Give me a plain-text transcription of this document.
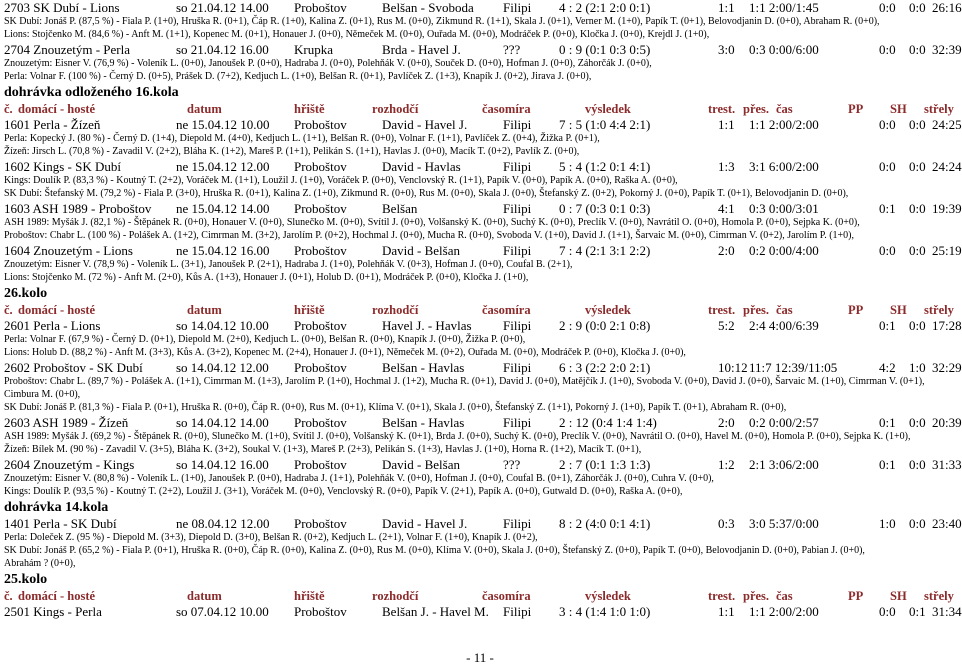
2703 SK Dubí - Lions	so 21.04.12 14.00 Proboštov	Belšan - Svoboda Filipi 4 : 2 (2:1 2:0 0:1)	1:1 1:1 2:00/1:45	0:0 0:0 26:16
SK Dubí: Jonáš P. (87,5 %) - Fiala P. (1+0), Hruška R. (0+1), Čáp R. (1+0), Kalina Z. (0+1), Rus M. (0+0), Zikmund R. (1+1), Skala J. (0+1), Verner M. (1+0), Papík T. (0+1), Belovodjanin D. (0+0), Abraham R. (0+0),
Lions: Stojčenko M. (84,6 %) - Anft M. (1+1), Kopenec M. (0+1), Honauer J. (0+0), Němeček M. (0+0), Ouřada M. (0+0), Modráček P. (0+0), Kločka J. (0+0), Krejdl J. (1+0),
2704 Znouzetým - Perla	so 21.04.12 16.00 Krupka	Brda - Havel J.	???	0 : 9 (0:1 0:3 0:5)	3:0 0:3 0:00/6:00	0:0 0:0 32:39
Znouzetým: Eisner V. (76,9 %) - Voleník L. (0+0), Janoušek P. (0+0), Hadraba J. (0+0), Polehňák V. (0+0), Souček D. (0+0), Hofman J. (0+0), Záhorčák J. (0+0),
Perla: Volnar F. (100 %) - Černý D. (0+5), Prášek D. (7+2), Kedjuch L. (1+0), Belšan R. (0+1), Pavlíček Z. (1+3), Knapík J. (0+2), Jirava J. (0+0),
dohrávka odloženého 16.kola
č. domácí - hosté	datum	hřiště	rozhodčí	časomíra	výsledek	trest. přes. čas	PP SH střely
1601 Perla - Žízeň	ne 15.04.12 10.00 Proboštov	David - Havel J.	Filipi 7 : 5 (1:0 4:4 2:1)	1:1 1:1 2:00/2:00	0:0 0:0 24:25
Perla: Kopecký J. (80 %) - Černý D. (1+4), Diepold M. (4+0), Kedjuch L. (1+1), Belšan R. (0+0), Volnar F. (1+1), Pavlíček Z. (0+4), Žižka P. (0+1),
Žízeň: Jirsch L. (70,8 %) - Zavadil V. (2+2), Bláha K. (1+2), Mareš P. (1+1), Pelikán S. (1+1), Havlas J. (0+0), Macík T. (0+2), Pavlík Z. (0+0),
1602 Kings - SK Dubí	ne 15.04.12 12.00 Proboštov	David - Havlas	Filipi 5 : 4 (1:2 0:1 4:1)	1:3 3:1 6:00/2:00	0:0 0:0 24:24
Kings: Doulík P. (83,3 %) - Koutný T. (2+2), Voráček M. (1+1), Loužil J. (1+0), Voráček P. (0+0), Venclovský R. (1+1), Papík V. (0+0), Papík A. (0+0), Raška A. (0+0),
SK Dubí: Štefanský M. (79,2 %) - Fiala P. (3+0), Hruška R. (0+1), Kalina Z. (1+0), Zikmund R. (0+0), Rus M. (0+0), Skala J. (0+0), Štefanský Z. (0+2), Pokorný J. (0+0), Papík T. (0+1), Belovodjanin D. (0+0),
1603 ASH 1989 - Proboštov ne 15.04.12 14.00 Proboštov	Belšan	Filipi 0 : 7 (0:3 0:1 0:3)	4:1 0:3 0:00/3:01	0:1 0:0 19:39
ASH 1989: Myšák J. (82,1 %) - Štěpánek R. (0+0), Honauer V. (0+0), Slunečko M. (0+0), Svítil J. (0+0), Volšanský K. (0+0), Suchý K. (0+0), Preclík V. (0+0), Navrátil O. (0+0), Homola P. (0+0), Sejpka K. (0+0),
Proboštov: Chabr L. (100 %) - Polášek A. (1+2), Cimrman M. (3+2), Jarolím P. (0+2), Hochmal J. (0+0), Mucha R. (0+0), Svoboda V. (1+0), David J. (1+1), Šarvaic M. (0+0), Cimrman V. (0+2), Jarolím P. (1+0),
1604 Znouzetým - Lions	ne 15.04.12 16.00 Proboštov	David - Belšan	Filipi 7 : 4 (2:1 3:1 2:2)	2:0 0:2 0:00/4:00	0:0 0:0 25:19
Znouzetým: Eisner V. (78,9 %) - Voleník L. (3+1), Janoušek P. (2+1), Hadraba J. (1+0), Polehňák V. (0+3), Hofman J. (0+0), Coufal B. (2+1),
Lions: Stojčenko M. (72 %) - Anft M. (2+0), Kůs A. (1+3), Honauer J. (0+1), Holub D. (0+1), Modráček P. (0+0), Kločka J. (1+0),
26.kolo
č. domácí - hosté	datum	hřiště	rozhodčí	časomíra	výsledek	trest. přes. čas	PP SH střely
2601 Perla - Lions	so 14.04.12 10.00 Proboštov	Havel J. - Havlas Filipi 2 : 9 (0:0 2:1 0:8)	5:2 2:4 4:00/6:39	0:1 0:0 17:28
Perla: Volnar F. (67,9 %) - Černý D. (0+1), Diepold M. (2+0), Kedjuch L. (0+0), Belšan R. (0+0), Knapík J. (0+0), Žižka P. (0+0),
Lions: Holub D. (88,2 %) - Anft M. (3+3), Kůs A. (3+2), Kopenec M. (2+4), Honauer J. (0+1), Němeček M. (0+2), Ouřada M. (0+0), Modráček P. (0+0), Kločka J. (0+0),
2602 Proboštov - SK Dubí	so 14.04.12 12.00 Proboštov	Belšan - Havlas	Filipi 6 : 3 (2:2 2:0 2:1)	10:12 11:7 12:39/11:05	4:2 1:0 32:29
Proboštov: Chabr L. (89,7 %) - Polášek A. (1+1), Cimrman M. (1+3), Jarolím P. (1+0), Hochmal J. (1+2), Mucha R. (0+1), David J. (0+0), Matějčík J. (1+0), Svoboda V. (0+0), David J. (0+0), Šarvaic M. (1+0), Cimrman V. (0+1),
Cimbura M. (0+0),
SK Dubí: Jonáš P. (81,3 %) - Fiala P. (0+1), Hruška R. (0+0), Čáp R. (0+0), Rus M. (0+1), Klíma V. (0+1), Skala J. (0+0), Štefanský Z. (1+1), Pokorný J. (1+0), Papík T. (0+1), Abraham R. (0+0),
2603 ASH 1989 - Žízeň	so 14.04.12 14.00 Proboštov	Belšan - Havlas	Filipi 2 : 12 (0:4 1:4 1:4)	2:0 0:2 0:00/2:57	0:1 0:0 20:39
ASH 1989: Myšák J. (69,2 %) - Štěpánek R. (0+0), Slunečko M. (1+0), Svítil J. (0+0), Volšanský K. (0+1), Brda J. (0+0), Suchý K. (0+0), Preclík V. (0+0), Navrátil O. (0+0), Havel M. (0+0), Homola P. (0+0), Sejpka K. (1+0),
Žízeň: Bílek M. (90 %) - Zavadil V. (3+5), Bláha K. (3+2), Soukal V. (1+3), Mareš P. (2+3), Pelikán S. (1+3), Havlas J. (1+0), Horna R. (1+2), Macík T. (0+1),
2604 Znouzetým - Kings	so 14.04.12 16.00 Proboštov	David - Belšan	???	2 : 7 (0:1 1:3 1:3)	1:2 2:1 3:06/2:00	0:1 0:0 31:33
Znouzetým: Eisner V. (80,8 %) - Voleník L. (1+0), Janoušek P. (0+0), Hadraba J. (1+1), Polehňák V. (0+0), Hofman J. (0+0), Coufal B. (0+1), Záhorčák J. (0+0), Cuhra V. (0+0),
Kings: Doulík P. (93,5 %) - Koutný T. (2+2), Loužil J. (3+1), Voráček M. (0+0), Venclovský R. (0+0), Papík V. (2+1), Papík A. (0+0), Gutwald D. (0+0), Raška A. (0+0),
dohrávka 14.kola
1401 Perla - SK Dubí	ne 08.04.12 12.00 Proboštov	David - Havel J.	Filipi 8 : 2 (4:0 0:1 4:1)	0:3 3:0 5:37/0:00	1:0 0:0 23:40
Perla: Doleček Z. (95 %) - Diepold M. (3+3), Diepold D. (3+0), Belšan R. (0+2), Kedjuch L. (2+1), Volnar F. (1+0), Knapík J. (0+2),
SK Dubí: Jonáš P. (65,2 %) - Fiala P. (0+1), Hruška R. (0+0), Čáp R. (0+0), Kalina Z. (0+0), Rus M. (0+0), Klíma V. (0+0), Skala J. (0+0), Štefanský Z. (0+0), Papík T. (0+0), Belovodjanin D. (0+0), Pabian J. (0+0),
Abrahám ? (0+0),
25.kolo
č. domácí - hosté	datum	hřiště	rozhodčí	časomíra	výsledek	trest. přes. čas	PP SH střely
2501 Kings - Perla	so 07.04.12 10.00 Proboštov	Belšan J. - Havel M. Filipi 3 : 4 (1:4 1:0 1:0)	1:1 1:1 2:00/2:00	0:0 0:1 31:34
- 11 -
